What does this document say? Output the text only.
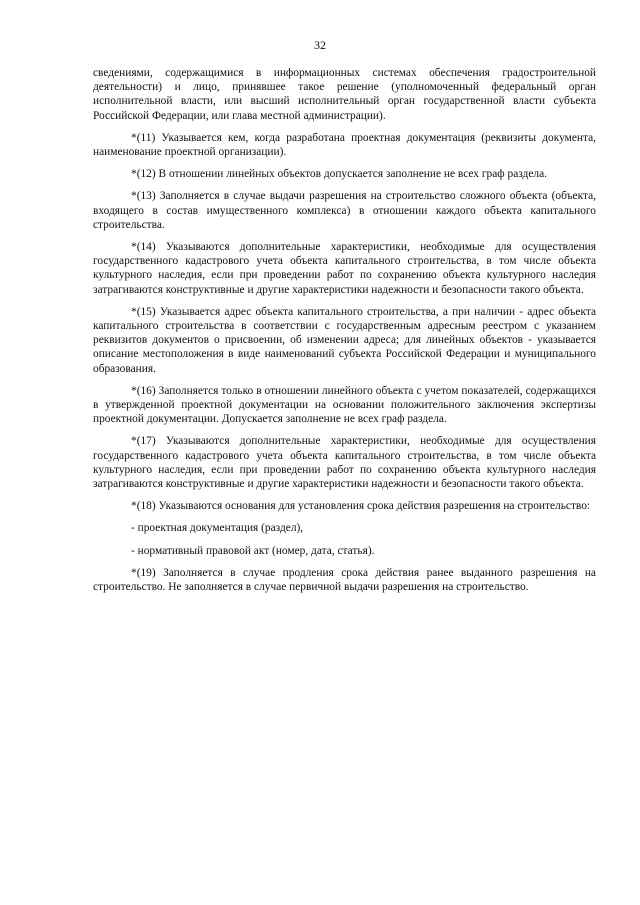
32

сведениями, содержащимися в информационных системах обеспечения градостроительной деятельности) и лицо, принявшее такое решение (уполномоченный федеральный орган исполнительной власти, или высший исполнительный орган государственной власти субъекта Российской Федерации, или глава местной администрации).

*(11) Указывается кем, когда разработана проектная документация (реквизиты документа, наименование проектной организации).

*(12) В отношении линейных объектов допускается заполнение не всех граф раздела.

*(13) Заполняется в случае выдачи разрешения на строительство сложного объекта (объекта, входящего в состав имущественного комплекса) в отношении каждого объекта капитального строительства.

*(14) Указываются дополнительные характеристики, необходимые для осуществления государственного кадастрового учета объекта капитального строительства, в том числе объекта культурного наследия, если при проведении работ по сохранению объекта культурного наследия затрагиваются конструктивные и другие характеристики надежности и безопасности такого объекта.

*(15) Указывается адрес объекта капитального строительства, а при наличии - адрес объекта капитального строительства в соответствии с государственным адресным реестром с указанием реквизитов документов о присвоении, об изменении адреса; для линейных объектов - указывается описание местоположения в виде наименований субъекта Российской Федерации и муниципального образования.

*(16) Заполняется только в отношении линейного объекта с учетом показателей, содержащихся в утвержденной проектной документации на основании положительного заключения экспертизы проектной документации. Допускается заполнение не всех граф раздела.

*(17) Указываются дополнительные характеристики, необходимые для осуществления государственного кадастрового учета объекта капитального строительства, в том числе объекта культурного наследия, если при проведении работ по сохранению объекта культурного наследия затрагиваются конструктивные и другие характеристики надежности и безопасности такого объекта.

*(18) Указываются основания для установления срока действия разрешения на строительство:

- проектная документация (раздел),

- нормативный правовой акт (номер, дата, статья).

*(19) Заполняется в случае продления срока действия ранее выданного разрешения на строительство. Не заполняется в случае первичной выдачи разрешения на строительство.
